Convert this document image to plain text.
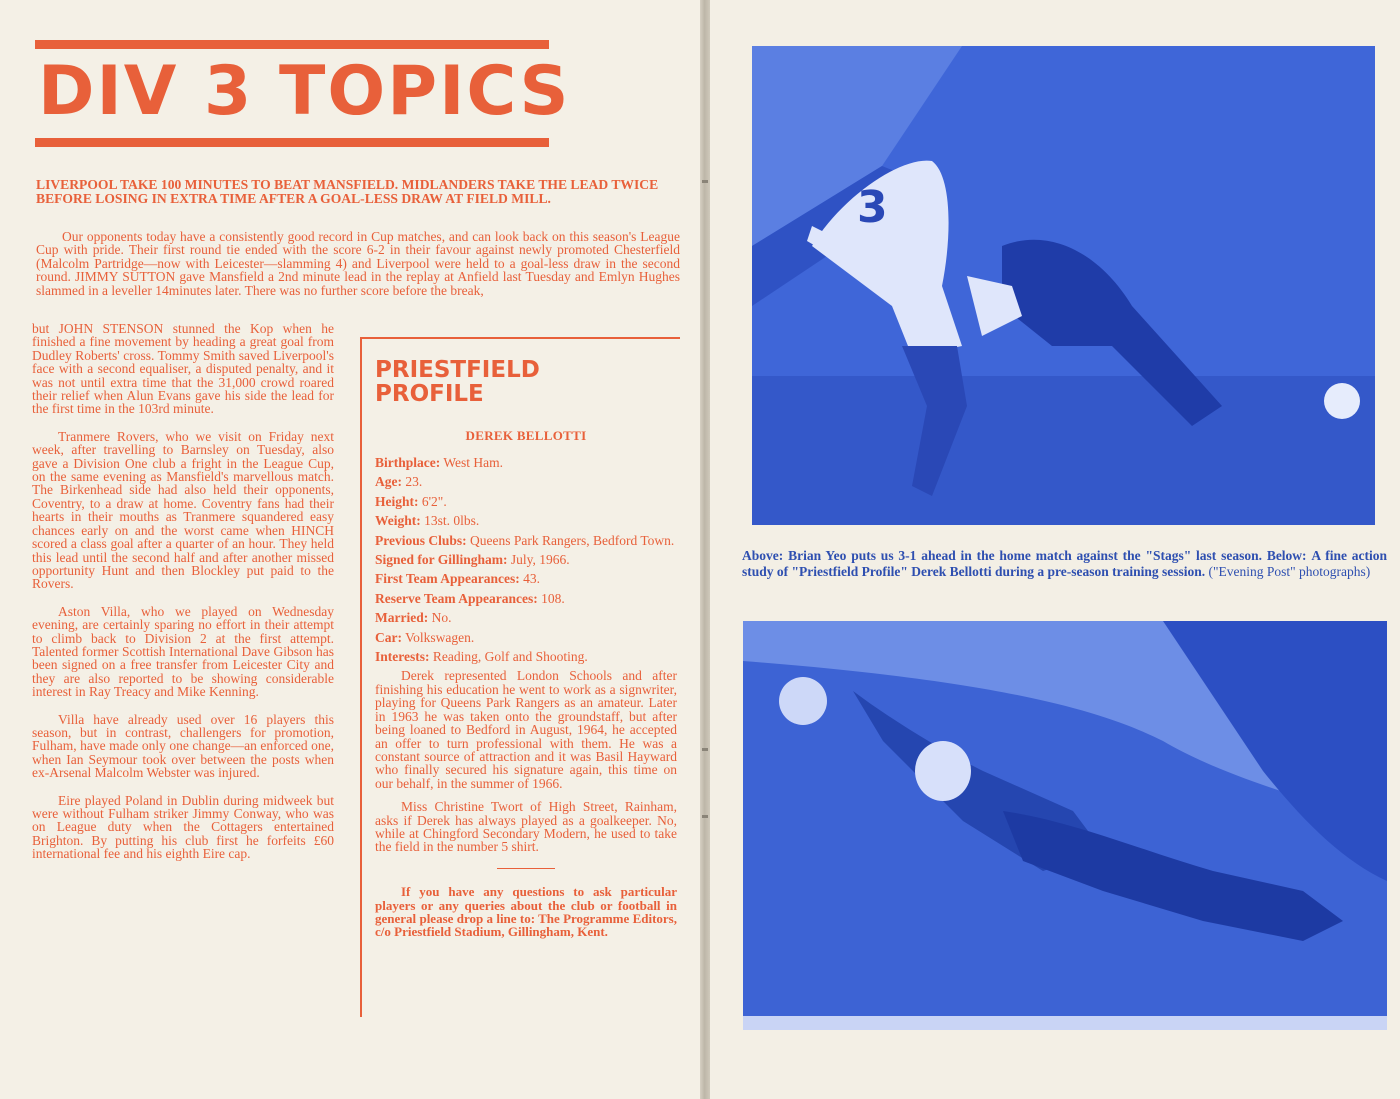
DIV 3 TOPICS

LIVERPOOL TAKE 100 MINUTES TO BEAT MANSFIELD. MIDLANDERS TAKE THE LEAD TWICE BEFORE LOSING IN EXTRA TIME AFTER A GOAL-LESS DRAW AT FIELD MILL.

Our opponents today have a consistently good record in Cup matches, and can look back on this season's League Cup with pride. Their first round tie ended with the score 6-2 in their favour against newly promoted Chesterfield (Malcolm Partridge—now with Leicester—slamming 4) and Liverpool were held to a goal-less draw in the second round. JIMMY SUTTON gave Mansfield a 2nd minute lead in the replay at Anfield last Tuesday and Emlyn Hughes slammed in a leveller 14minutes later. There was no further score before the break,

but JOHN STENSON stunned the Kop when he finished a fine movement by heading a great goal from Dudley Roberts' cross. Tommy Smith saved Liverpool's face with a second equaliser, a disputed penalty, and it was not until extra time that the 31,000 crowd roared their relief when Alun Evans gave his side the lead for the first time in the 103rd minute.

Tranmere Rovers, who we visit on Friday next week, after travelling to Barnsley on Tuesday, also gave a Division One club a fright in the League Cup, on the same evening as Mansfield's marvellous match. The Birkenhead side had also held their opponents, Coventry, to a draw at home. Coventry fans had their hearts in their mouths as Tranmere squandered easy chances early on and the worst came when HINCH scored a class goal after a quarter of an hour. They held this lead until the second half and after another missed opportunity Hunt and then Blockley put paid to the Rovers.

Aston Villa, who we played on Wednesday evening, are certainly sparing no effort in their attempt to climb back to Division 2 at the first attempt. Talented former Scottish International Dave Gibson has been signed on a free transfer from Leicester City and they are also reported to be showing considerable interest in Ray Treacy and Mike Kenning.

Villa have already used over 16 players this season, but in contrast, challengers for promotion, Fulham, have made only one change—an enforced one, when Ian Seymour took over between the posts when ex-Arsenal Malcolm Webster was injured.

Eire played Poland in Dublin during midweek but were without Fulham striker Jimmy Conway, who was on League duty when the Cottagers entertained Brighton. By putting his club first he forfeits £60 international fee and his eighth Eire cap.

PRIESTFIELD
PROFILE
DEREK BELLOTTI
Birthplace: West Ham.
Age: 23.
Height: 6'2".
Weight: 13st. 0lbs.
Previous Clubs: Queens Park Rangers, Bedford Town.
Signed for Gillingham: July, 1966.
First Team Appearances: 43.
Reserve Team Appearances: 108.
Married: No.
Car: Volkswagen.
Interests: Reading, Golf and Shooting.

Derek represented London Schools and after finishing his education he went to work as a signwriter, playing for Queens Park Rangers as an amateur. Later in 1963 he was taken onto the groundstaff, but after being loaned to Bedford in August, 1964, he accepted an offer to turn professional with them. He was a constant source of attraction and it was Basil Hayward who finally secured his signature again, this time on our behalf, in the summer of 1966.

Miss Christine Twort of High Street, Rainham, asks if Derek has always played as a goalkeeper. No, while at Chingford Secondary Modern, he used to take the field in the number 5 shirt.

If you have any questions to ask particular players or any queries about the club or football in general please drop a line to: The Programme Editors, c/o Priestfield Stadium, Gillingham, Kent.

3

Above: Brian Yeo puts us 3-1 ahead in the home match against the "Stags" last season. Below: A fine action study of "Priestfield Profile" Derek Bellotti during a pre-season training session. ("Evening Post" photographs)
